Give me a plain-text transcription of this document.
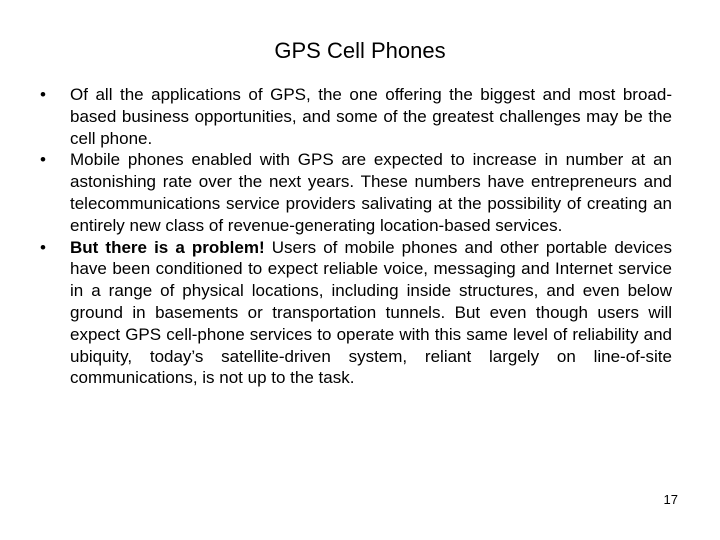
GPS Cell Phones
•	Of all the applications of GPS, the one offering the biggest and most broad-based business opportunities, and some of the greatest challenges may be the cell phone.
•	Mobile phones enabled with GPS are expected to increase in number at an astonishing rate over the next years. These numbers have entrepreneurs and telecommunications service providers salivating at the possibility of creating an entirely new class of revenue-generating location-based services.
•	But there is a problem! Users of mobile phones and other portable devices have been conditioned to expect reliable voice, messaging and Internet service in a range of physical locations, including inside structures, and even below ground in basements or transportation tunnels. But even though users will expect GPS cell-phone services to operate with this same level of reliability and ubiquity, today’s satellite-driven system, reliant largely on line-of-site communications, is not up to the task.
17
